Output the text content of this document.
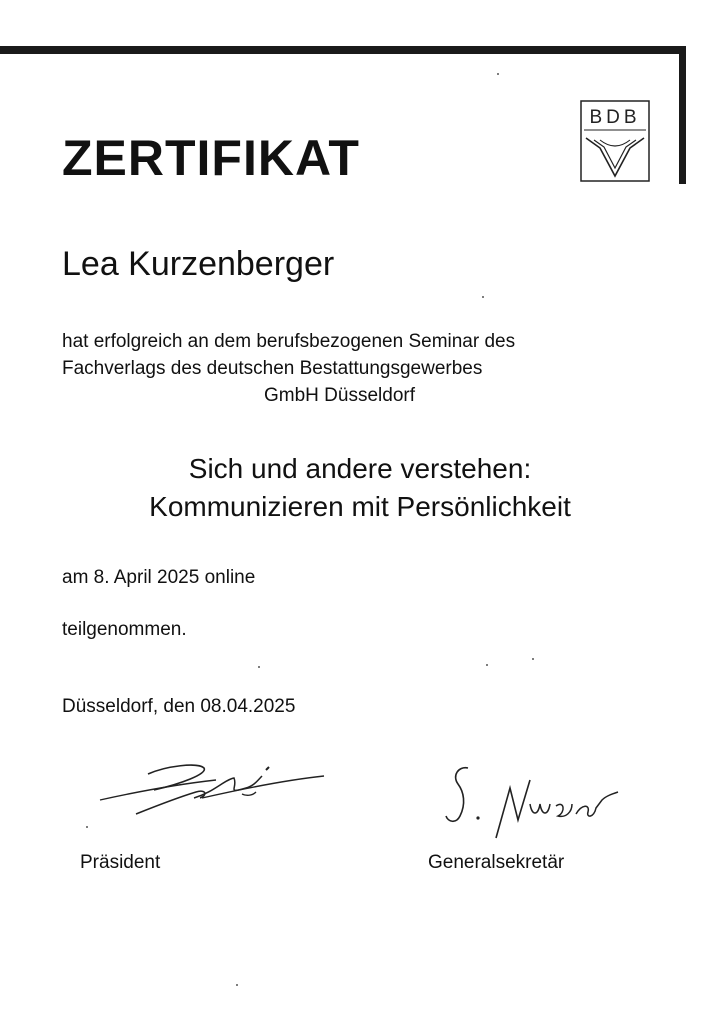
BDB
ZERTIFIKAT
Lea Kurzenberger
hat erfolgreich an dem berufsbezogenen Seminar des
Fachverlags des deutschen Bestattungsgewerbes
GmbH Düsseldorf
Sich und andere verstehen:
Kommunizieren mit Persönlichkeit
am 8. April 2025 online
teilgenommen.
Düsseldorf, den 08.04.2025
Präsident	Generalsekretär
